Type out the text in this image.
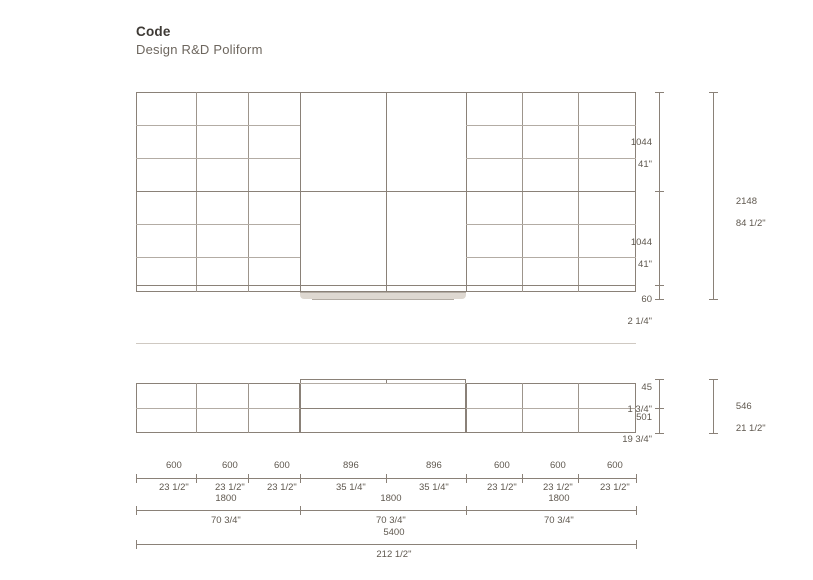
Code
Design R&D Poliform

1044

41"

1044

41"

60

2 1/4"

2148

84 1/2"

45

1 3/4"

501

19 3/4"

546

21 1/2"

600

23 1/2"

600

23 1/2"

600

23 1/2"

896

35 1/4"

896

35 1/4"

600

23 1/2"

600

23 1/2"

600

23 1/2"

1800

70 3/4"

1800

70 3/4"

1800

70 3/4"

5400

212 1/2"
